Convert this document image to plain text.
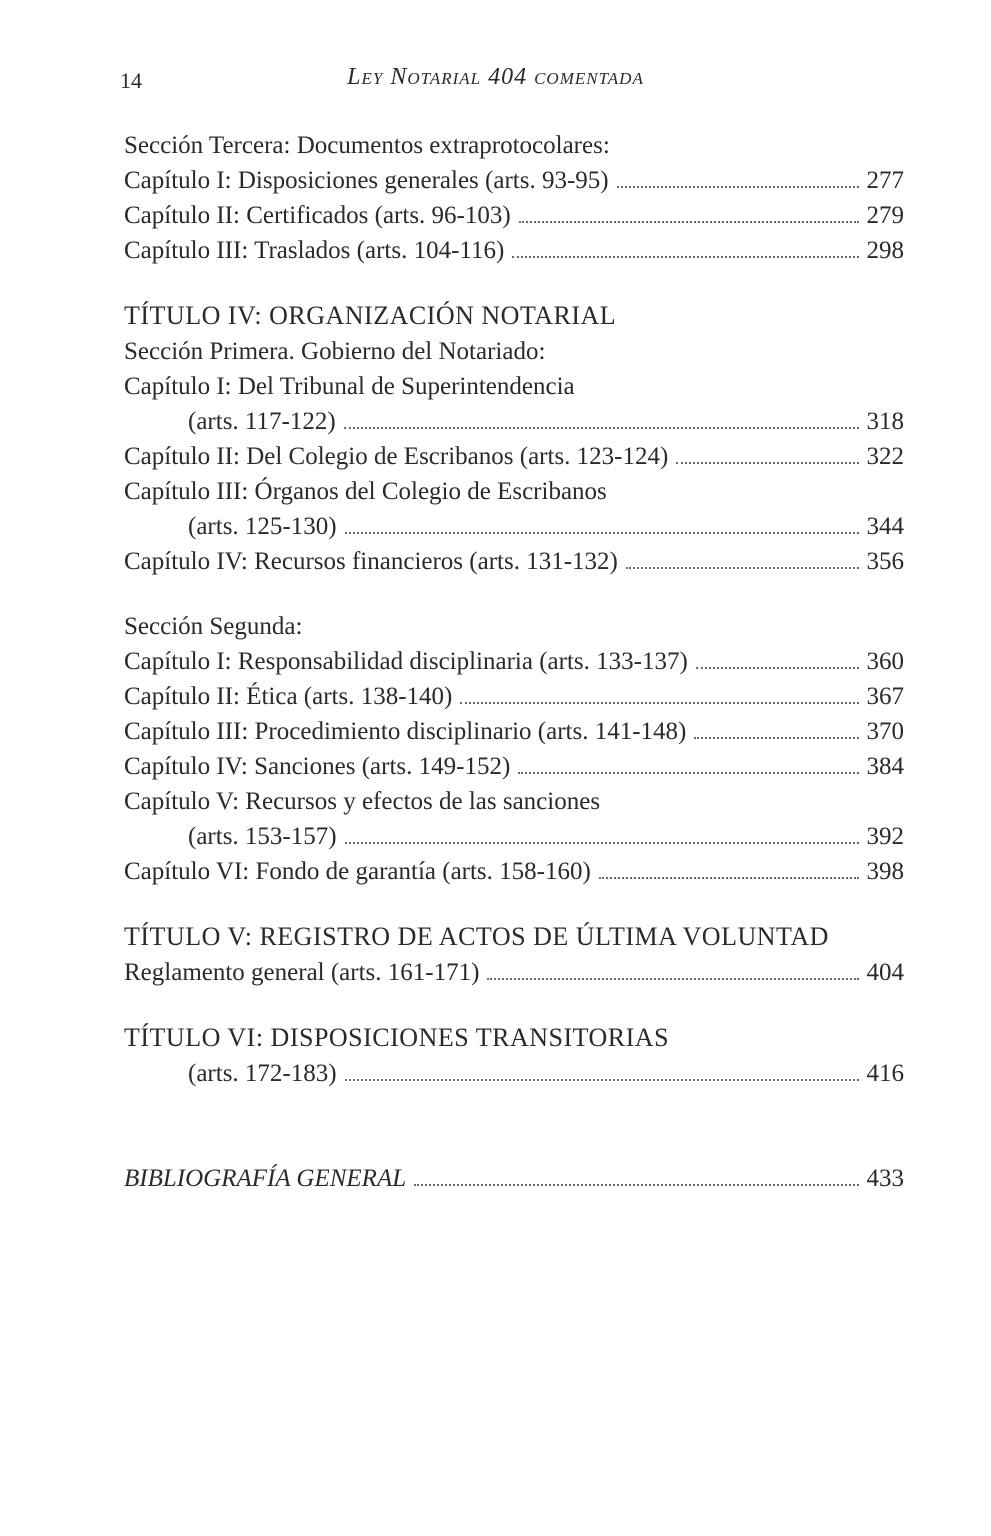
14	Ley Notarial 404 comentada
Sección Tercera: Documentos extraprotocolares:
Capítulo I: Disposiciones generales (arts. 93-95)	277
Capítulo II: Certificados (arts. 96-103)	279
Capítulo III: Traslados (arts. 104-116)	298
TÍTULO IV: ORGANIZACIÓN NOTARIAL
Sección Primera. Gobierno del Notariado:
Capítulo I: Del Tribunal de Superintendencia
(arts. 117-122)	318
Capítulo II: Del Colegio de Escribanos (arts. 123-124)	322
Capítulo III: Órganos del Colegio de Escribanos
(arts. 125-130)	344
Capítulo IV: Recursos financieros (arts. 131-132)	356
Sección Segunda:
Capítulo I: Responsabilidad disciplinaria (arts. 133-137)	360
Capítulo II: Ética (arts. 138-140)	367
Capítulo III: Procedimiento disciplinario (arts. 141-148)	370
Capítulo IV: Sanciones (arts. 149-152)	384
Capítulo V: Recursos y efectos de las sanciones
(arts. 153-157)	392
Capítulo VI: Fondo de garantía (arts. 158-160)	398
TÍTULO V: REGISTRO DE ACTOS DE ÚLTIMA VOLUNTAD
Reglamento general (arts. 161-171)	404
TÍTULO VI: DISPOSICIONES TRANSITORIAS
(arts. 172-183)	416
BIBLIOGRAFÍA GENERAL	433
